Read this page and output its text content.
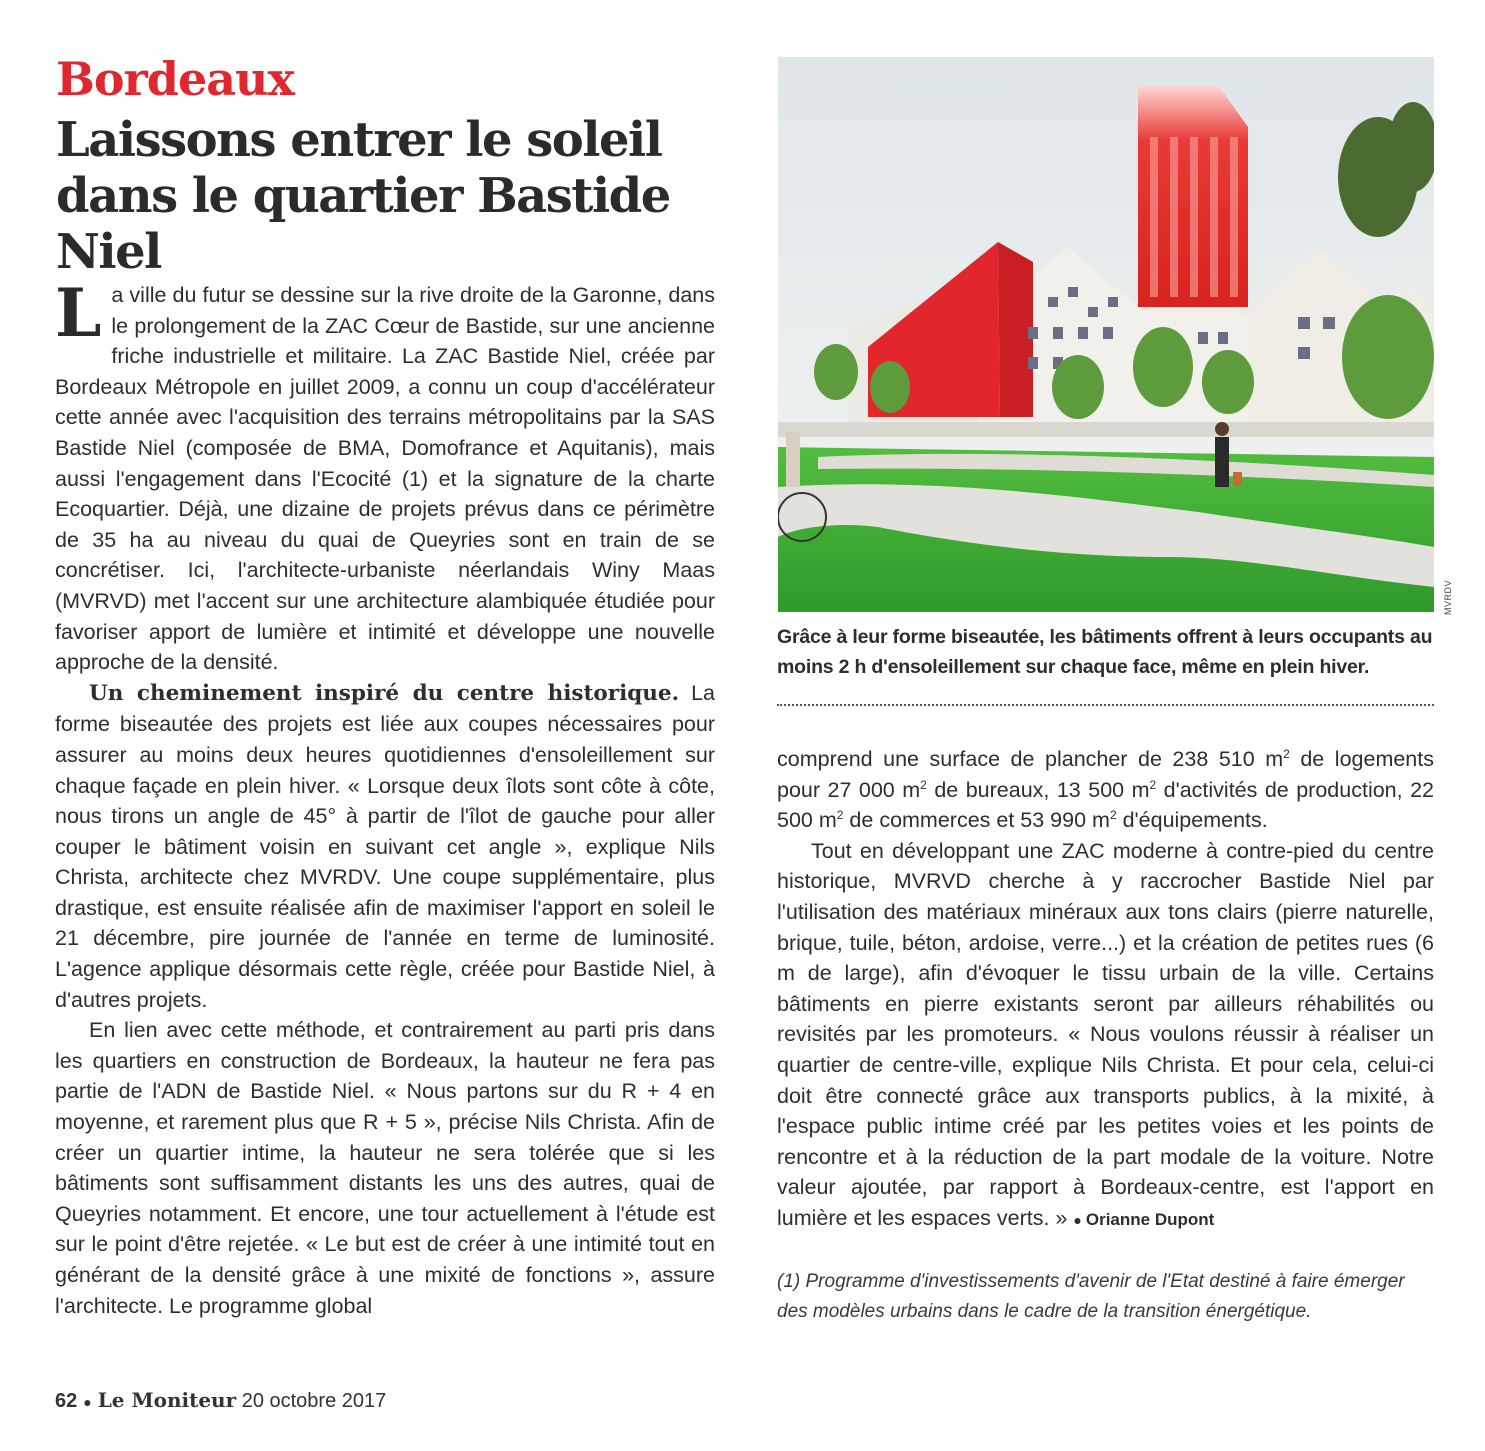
Bordeaux
Laissons entrer le soleil
dans le quartier Bastide Niel

La ville du futur se dessine sur la rive droite de la Garonne, dans le prolongement de la ZAC Cœur de Bastide, sur une ancienne friche industrielle et militaire. La ZAC Bastide Niel, créée par Bordeaux Métropole en juillet 2009, a connu un coup d'accélérateur cette année avec l'acquisition des terrains métropolitains par la SAS Bastide Niel (composée de BMA, Domofrance et Aquitanis), mais aussi l'engagement dans l'Ecocité (1) et la signature de la charte Ecoquartier. Déjà, une dizaine de projets prévus dans ce périmètre de 35 ha au niveau du quai de Queyries sont en train de se concrétiser. Ici, l'architecte-urbaniste néerlandais Winy Maas (MVRVD) met l'accent sur une architecture alambiquée étudiée pour favoriser apport de lumière et intimité et développe une nouvelle approche de la densité.

Un cheminement inspiré du centre historique. La forme biseautée des projets est liée aux coupes nécessaires pour assurer au moins deux heures quotidiennes d'ensoleillement sur chaque façade en plein hiver. « Lorsque deux îlots sont côte à côte, nous tirons un angle de 45° à partir de l'îlot de gauche pour aller couper le bâtiment voisin en suivant cet angle », explique Nils Christa, architecte chez MVRDV. Une coupe supplémentaire, plus drastique, est ensuite réalisée afin de maximiser l'apport en soleil le 21 décembre, pire journée de l'année en terme de luminosité. L'agence applique désormais cette règle, créée pour Bastide Niel, à d'autres projets.

En lien avec cette méthode, et contrairement au parti pris dans les quartiers en construction de Bordeaux, la hauteur ne fera pas partie de l'ADN de Bastide Niel. « Nous partons sur du R + 4 en moyenne, et rarement plus que R + 5 », précise Nils Christa. Afin de créer un quartier intime, la hauteur ne sera tolérée que si les bâtiments sont suffisamment distants les uns des autres, quai de Queyries notamment. Et encore, une tour actuellement à l'étude est sur le point d'être rejetée. « Le but est de créer à une intimité tout en générant de la densité grâce à une mixité de fonctions », assure l'architecte. Le programme global

MVRDV
Grâce à leur forme biseautée, les bâtiments offrent à leurs occupants au moins 2 h d'ensoleillement sur chaque face, même en plein hiver.

comprend une surface de plancher de 238 510 $m^2$ de logements pour 27 000 $m^2$ de bureaux, 13 500 $m^2$ d'activités de production, 22 500 $m^2$ de commerces et 53 990 $m^2$ d'équipements.

Tout en développant une ZAC moderne à contre-pied du centre historique, MVRVD cherche à y raccrocher Bastide Niel par l'utilisation des matériaux minéraux aux tons clairs (pierre naturelle, brique, tuile, béton, ardoise, verre...) et la création de petites rues (6 m de large), afin d'évoquer le tissu urbain de la ville. Certains bâtiments en pierre existants seront par ailleurs réhabilités ou revisités par les promoteurs. « Nous voulons réussir à réaliser un quartier de centre-ville, explique Nils Christa. Et pour cela, celui-ci doit être connecté grâce aux transports publics, à la mixité, à l'espace public intime créé par les petites voies et les points de rencontre et à la réduction de la part modale de la voiture. Notre valeur ajoutée, par rapport à Bordeaux-centre, est l'apport en lumière et les espaces verts. » ● Orianne Dupont

(1) Programme d'investissements d'avenir de l'Etat destiné à faire émerger des modèles urbains dans le cadre de la transition énergétique.
62 ● Le Moniteur 20 octobre 2017
